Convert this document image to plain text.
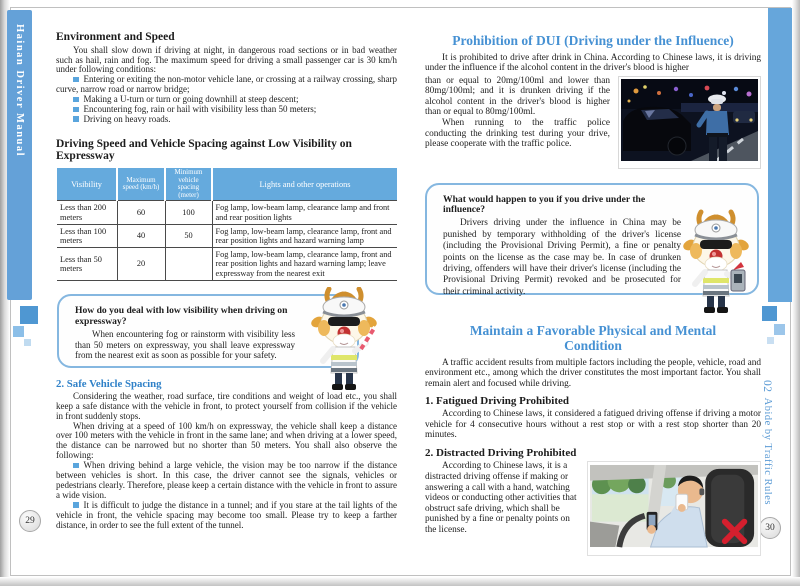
Hainan Driver Manual
02 Abide by Traffic Rules
29
30
Environment and Speed

You shall slow down if driving at night, in dangerous road sections or in bad weather such as hail, rain and fog. The maximum speed for driving a small passenger car is 30 km/h under following conditions:

Entering or exiting the non-motor vehicle lane, or crossing at a railway crossing, sharp curve, narrow road or narrow bridge;

Making a U-turn or turn or going downhill at steep descent;

Encountering fog, rain or hail with visibility less than 50 meters;

Driving on heavy roads.

Driving Speed and Vehicle Spacing against Low Visibility on Expressway
Visibility	Maximum speed (km/h)	Minimum vehicle spacing (meter)	Lights and other operations
Less than 200 meters	60	100	Fog lamp, low-beam lamp, clearance lamp and front and rear position lights
Less than 100 meters	40	50	Fog lamp, low-beam lamp, clearance lamp, front and rear position lights and hazard warning lamp
Less than 50 meters	20		Fog lamp, low-beam lamp, clearance lamp, front and rear position lights and hazard warning lamp; leave expressway from the nearest exit
How do you deal with low visibility when driving on expressway?

When encountering fog or rainstorm with visibility less than 50 meters on expressway, you shall leave expressway from the nearest exit as soon as possible for your safety.

2. Safe Vehicle Spacing

Considering the weather, road surface, tire conditions and weight of load etc., you shall keep a safe distance with the vehicle in front, to protect yourself from collision if the vehicle in front suddenly stops.

When driving at a speed of 100 km/h on expressway, the vehicle shall keep a distance over 100 meters with the vehicle in front in the same lane; and when driving at a lower speed, the distance can be narrowed but no shorter than 50 meters. You shall also observe the following:

When driving behind a large vehicle, the vision may be too narrow if the distance between vehicles is short. In this case, the driver cannot see the signals, vehicles or pedestrians clearly. Therefore, please keep a certain distance with the vehicle in front to assure a wide vision.

It is difficult to judge the distance in a tunnel; and if you stare at the tail lights of the vehicle in front, the vehicle spacing may become too small. Please try to keep a farther distance, in order to see the full extent of the tunnel.

Prohibition of DUI (Driving under the Influence)

It is prohibited to drive after drink in China. According to Chinese laws, it is driving under the influence if the alcohol content in the driver's blood is higher

than or equal to 20mg/100ml and lower than 80mg/100ml; and it is drunken driving if the alcohol content in the driver's blood is higher than or equal to 80mg/100ml.

When running to the traffic police conducting the drinking test during your drive, please cooperate with the traffic police.

What would happen to you if you drive under the influence?

Drivers driving under the influence in China may be punished by temporary withholding of the driver's license (including the Provisional Driving Permit), a fine or penalty points on the license as the case may be. In case of drunken driving, offenders will have their driver's license (including the Provisional Driving Permit) revoked and be prosecuted for their criminal activity.

Maintain a Favorable Physical and Mental Condition

A traffic accident results from multiple factors including the people, vehicle, road and environment etc., among which the driver constitutes the most important factor. You shall remain alert and focused while driving.

1. Fatigued Driving Prohibited

According to Chinese laws, it considered a fatigued driving offense if driving a motor vehicle for 4 consecutive hours without a rest stop or with a rest stop shorter than 20 minutes.

2. Distracted Driving Prohibited

According to Chinese laws, it is a distracted driving offense if making or answering a call with a hand, watching videos or conducting other activities that obstruct safe driving, which shall be punished by a fine or penalty points on the license.
